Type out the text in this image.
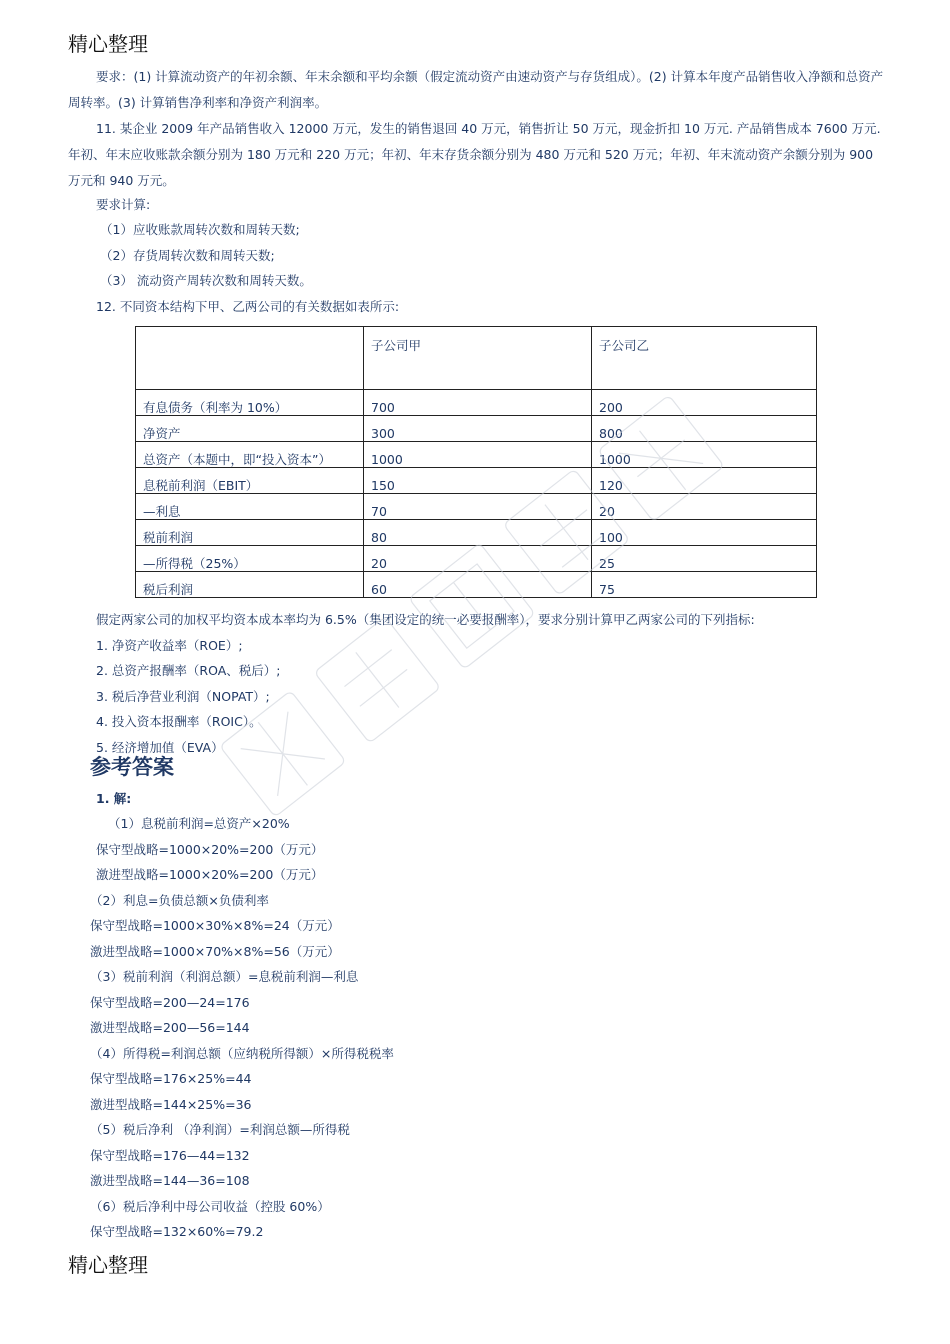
精心整理
要求：(1) 计算流动资产的年初余额、年末余额和平均余额（假定流动资产由速动资产与存货组成）。(2) 计算本年度产品销售收入净额和总资产周转率。(3) 计算销售净利率和净资产利润率。
11. 某企业 2009 年产品销售收入 12000 万元，发生的销售退回 40 万元，销售折让 50 万元，现金折扣 10 万元. 产品销售成本 7600 万元. 年初、年末应收账款余额分别为 180 万元和 220 万元；年初、年末存货余额分别为 480 万元和 520 万元；年初、年末流动资产余额分别为 900 万元和 940 万元。
要求计算:
（1）应收账款周转次数和周转天数;
（2）存货周转次数和周转天数;
（3） 流动资产周转次数和周转天数。
12. 不同资本结构下甲、乙两公司的有关数据如表所示:
	子公司甲	子公司乙
有息债务（利率为 10%）	700	200
净资产	300	800
总资产（本题中，即“投入资本”）	1000	1000
息税前利润（EBIT）	150	120
—利息	70	20
税前利润	80	100
—所得税（25%）	20	25
税后利润	60	75
假定两家公司的加权平均资本成本率均为 6.5%（集团设定的统一必要报酬率），要求分别计算甲乙两家公司的下列指标:
1. 净资产收益率（ROE）;
2. 总资产报酬率（ROA、税后）;
3. 税后净营业利润（NOPAT）;
4. 投入资本报酬率（ROIC）。
5. 经济增加值（EVA）
参考答案
1. 解:
（1）息税前利润=总资产×20%
保守型战略=1000×20%=200（万元）
激进型战略=1000×20%=200（万元）
（2）利息=负债总额×负债利率
保守型战略=1000×30%×8%=24（万元）
激进型战略=1000×70%×8%=56（万元）
（3）税前利润（利润总额）=息税前利润—利息
保守型战略=200—24=176
激进型战略=200—56=144
（4）所得税=利润总额（应纳税所得额）×所得税税率
保守型战略=176×25%=44
激进型战略=144×25%=36
（5）税后净利 （净利润）=利润总额—所得税
保守型战略=176—44=132
激进型战略=144—36=108
（6）税后净利中母公司收益（控股 60%）
保守型战略=132×60%=79.2
精心整理
